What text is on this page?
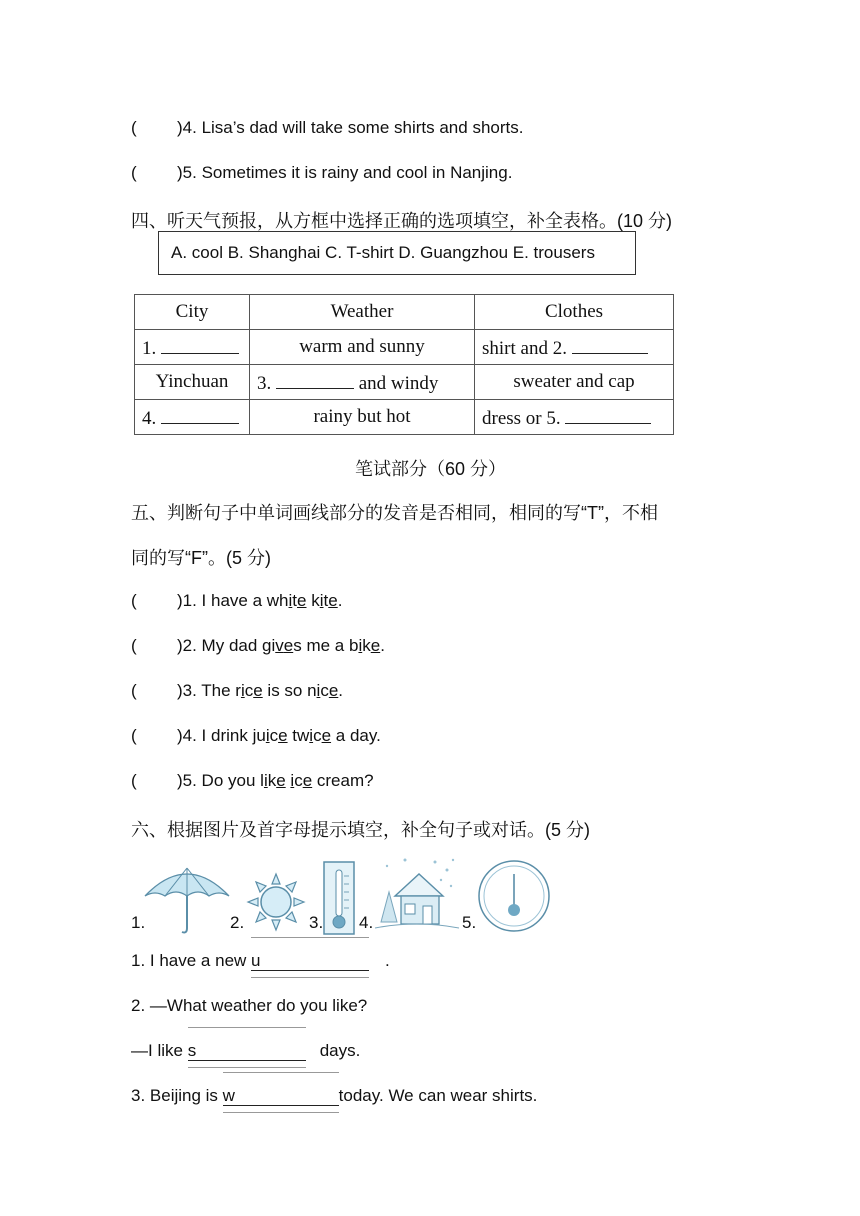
( )4. Lisa’s dad will take some shirts and shorts.
( )5. Sometimes it is rainy and cool in Nanjing.
四、听天气预报，从方框中选择正确的选项填空，补全表格。(10 分)
A. cool B. Shanghai C. T-shirt D. Guangzhou E. trousers
City	Weather	Clothes
1.	warm and sunny	shirt and 2.
Yinchuan	3. and windy	sweater and cap
4.	rainy but hot	dress or 5.
笔试部分（60 分）
五、判断句子中单词画线部分的发音是否相同，相同的写“T”，不相
同的写“F”。(5 分)
( )1. I have a white kite.
( )2. My dad gives me a bike.
( )3. The rice is so nice.
( )4. I drink juice twice a day.
( )5. Do you like ice cream?
六、根据图片及首字母提示填空，补全句子或对话。(5 分)
1.	2.	3. 4.	5.
1. I have a new
u	.
2. —What weather do you like?
—I like
s	days.
3. Beijing is
w	today. We can wear shirts.
